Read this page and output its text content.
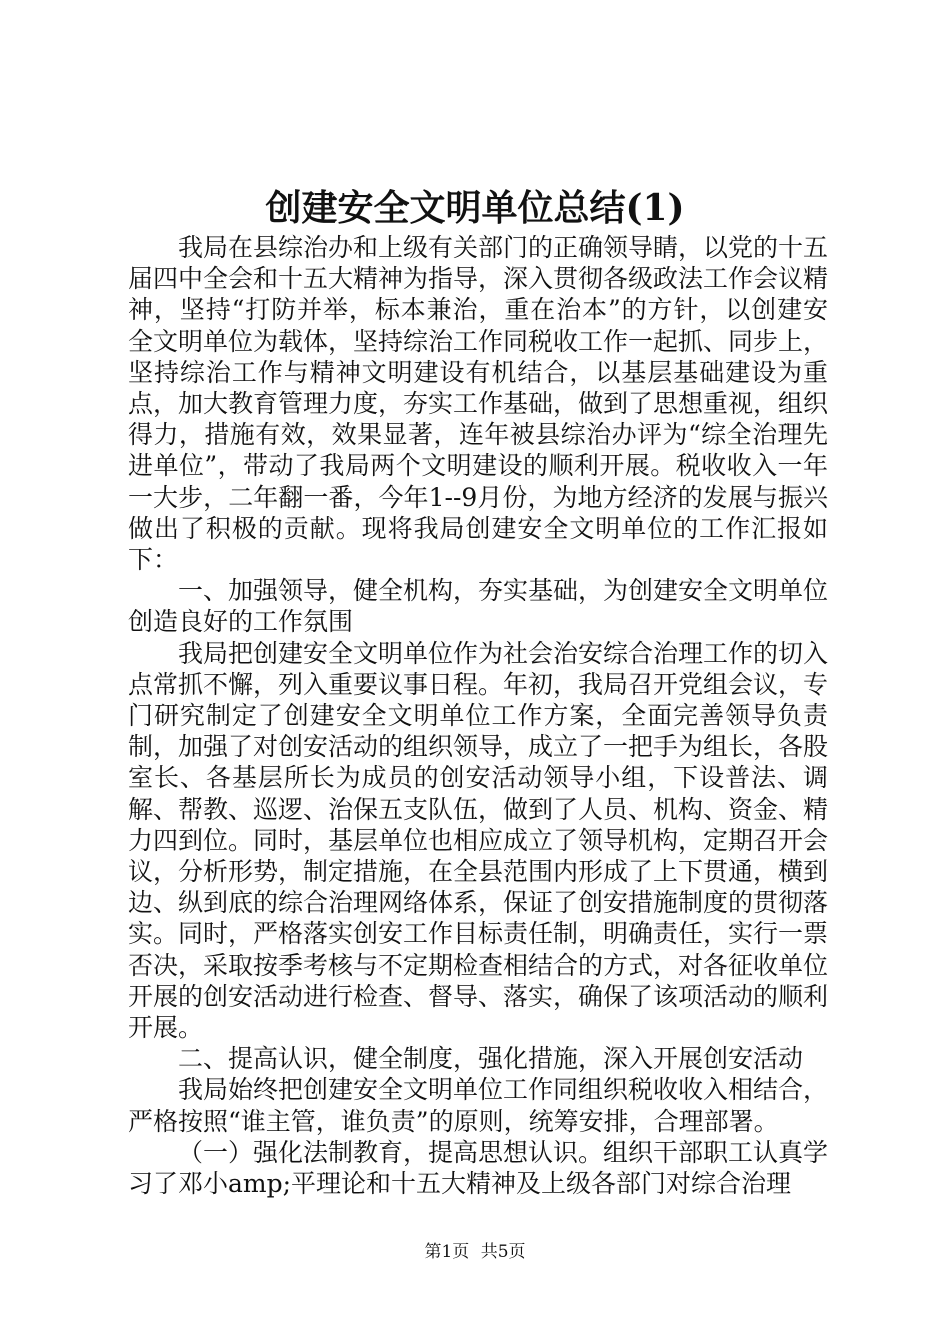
创建安全文明单位总结(1)

我局在县综治办和上级有关部门的正确领导睛，以党的十五届四中全会和十五大精神为指导，深入贯彻各级政法工作会议精神，坚持“打防并举，标本兼治，重在治本”的方针，以创建安全文明单位为载体，坚持综治工作同税收工作一起抓、同步上，坚持综治工作与精神文明建设有机结合，以基层基础建设为重点，加大教育管理力度，夯实工作基础，做到了思想重视，组织得力，措施有效，效果显著，连年被县综治办评为“综全治理先进单位”，带动了我局两个文明建设的顺利开展。税收收入一年一大步，二年翻一番，今年1--9月份，为地方经济的发展与振兴做出了积极的贡献。现将我局创建安全文明单位的工作汇报如下：

一、加强领导，健全机构，夯实基础，为创建安全文明单位创造良好的工作氛围

我局把创建安全文明单位作为社会治安综合治理工作的切入点常抓不懈，列入重要议事日程。年初，我局召开党组会议，专门研究制定了创建安全文明单位工作方案，全面完善领导负责制，加强了对创安活动的组织领导，成立了一把手为组长，各股室长、各基层所长为成员的创安活动领导小组，下设普法、调解、帮教、巡逻、治保五支队伍，做到了人员、机构、资金、精力四到位。同时，基层单位也相应成立了领导机构，定期召开会议，分析形势，制定措施，在全县范围内形成了上下贯通，横到边、纵到底的综合治理网络体系，保证了创安措施制度的贯彻落实。同时，严格落实创安工作目标责任制，明确责任，实行一票否决，采取按季考核与不定期检查相结合的方式，对各征收单位开展的创安活动进行检查、督导、落实，确保了该项活动的顺利开展。

二、提高认识，健全制度，强化措施，深入开展创安活动

我局始终把创建安全文明单位工作同组织税收收入相结合，严格按照“谁主管，谁负责”的原则，统筹安排，合理部署。

（一）强化法制教育，提高思想认识。组织干部职工认真学习了邓小amp;平理论和十五大精神及上级各部门对综合治理

第1页 共5页
